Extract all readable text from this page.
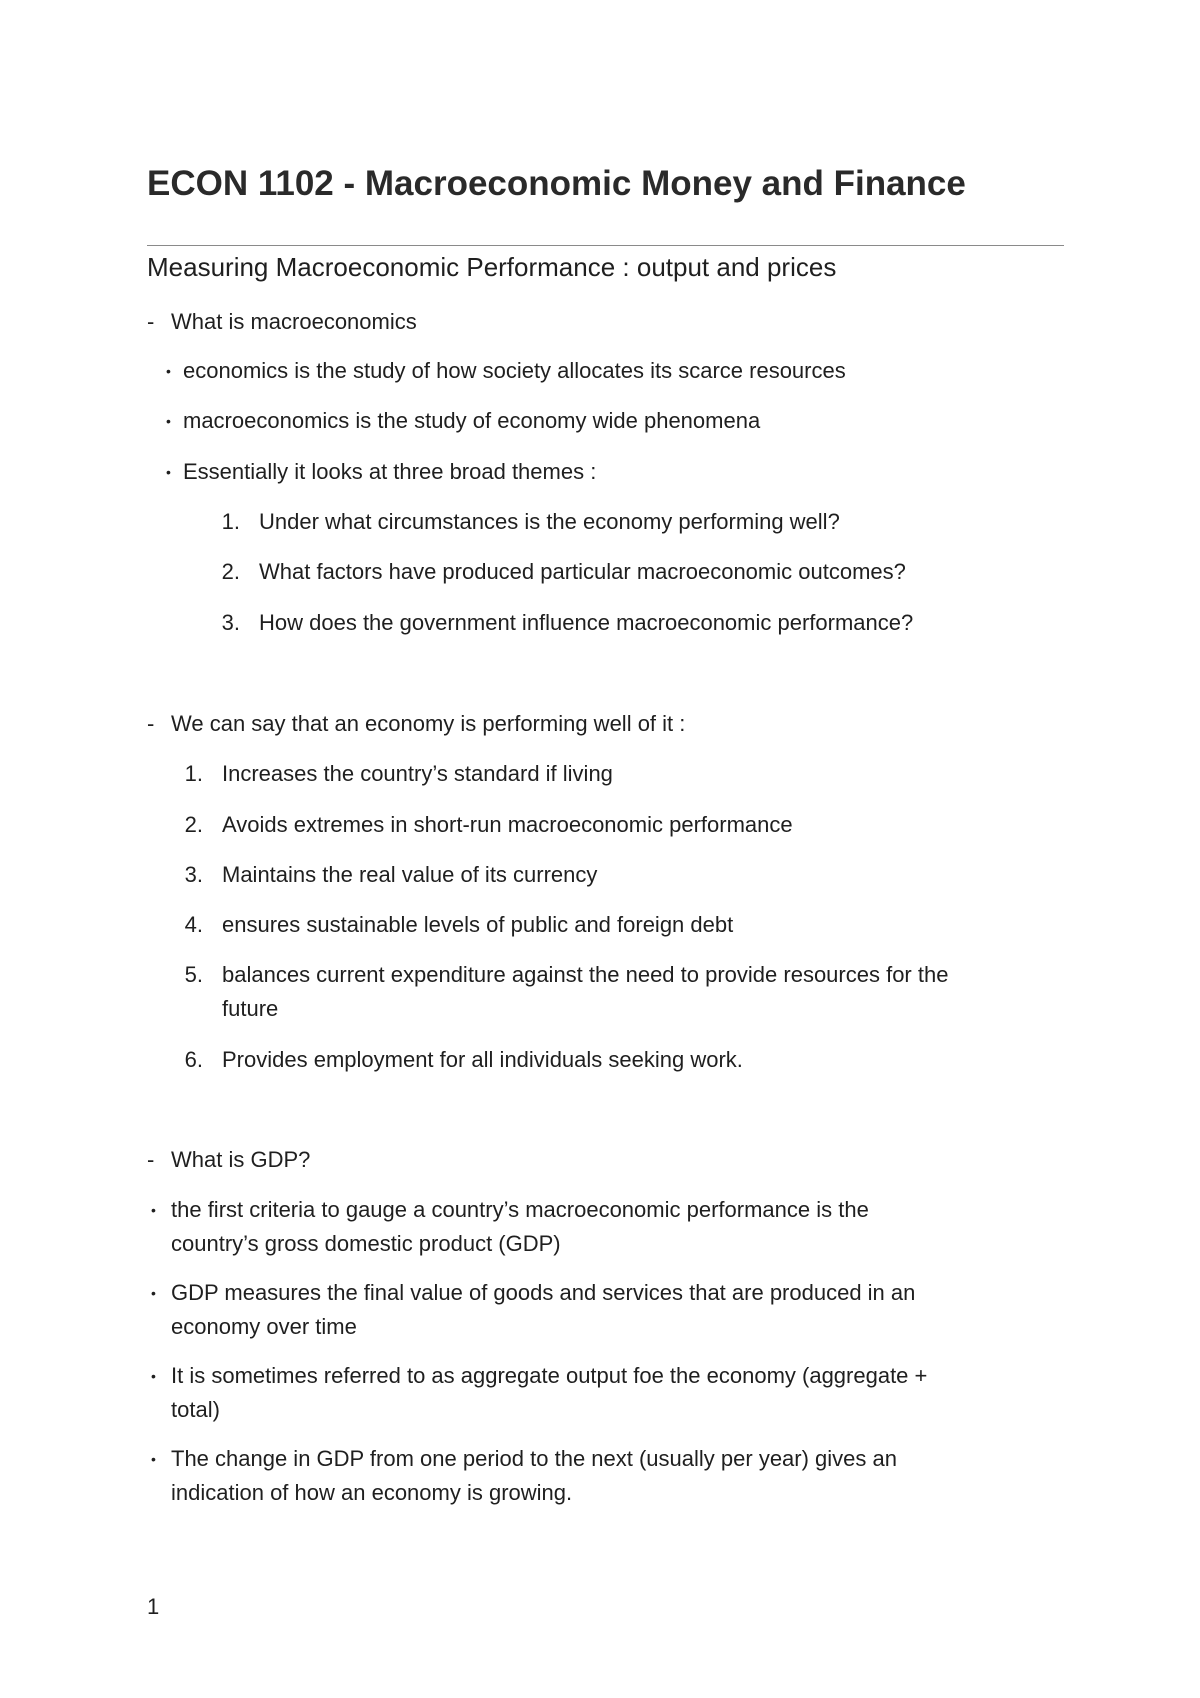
ECON 1102 - Macroeconomic Money and Finance
Measuring Macroeconomic Performance : output and prices
- What is macroeconomics
• economics is the study of how society allocates its scarce resources
• macroeconomics is the study of economy wide phenomena
• Essentially it looks at three broad themes :
1. Under what circumstances is the economy performing well?
2. What factors have produced particular macroeconomic outcomes?
3. How does the government influence macroeconomic performance?
- We can say that an economy is performing well of it :
1. Increases the country’s standard if living
2. Avoids extremes in short-run macroeconomic performance
3. Maintains the real value of its currency
4. ensures sustainable levels of public and foreign debt
5. balances current expenditure against the need to provide resources for the
future
6. Provides employment for all individuals seeking work.
- What is GDP?
• the first criteria to gauge a country’s macroeconomic performance is the
country’s gross domestic product (GDP)
• GDP measures the final value of goods and services that are produced in an
economy over time
• It is sometimes referred to as aggregate output foe the economy (aggregate +
total)
• The change in GDP from one period to the next (usually per year) gives an
indication of how an economy is growing.
1
